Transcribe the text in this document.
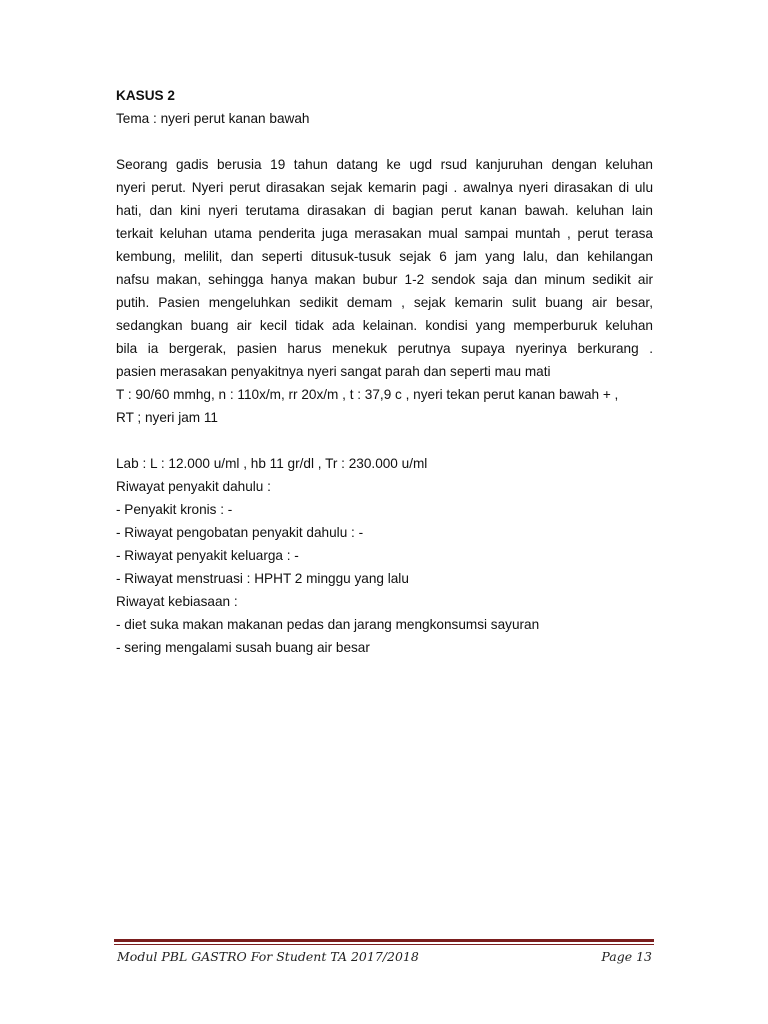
KASUS 2
Tema : nyeri perut kanan bawah
Seorang gadis berusia 19 tahun datang ke ugd rsud kanjuruhan dengan keluhan
nyeri perut. Nyeri perut dirasakan sejak kemarin pagi . awalnya nyeri dirasakan di ulu
hati, dan kini nyeri terutama dirasakan di bagian perut kanan bawah. keluhan lain
terkait keluhan utama penderita juga merasakan mual sampai muntah , perut terasa
kembung, melilit, dan seperti ditusuk-tusuk sejak 6 jam yang lalu, dan kehilangan
nafsu makan, sehingga hanya makan bubur 1-2 sendok saja dan minum sedikit air
putih. Pasien mengeluhkan sedikit demam , sejak kemarin sulit buang air besar,
sedangkan buang air kecil tidak ada kelainan. kondisi yang memperburuk keluhan
bila ia bergerak, pasien harus menekuk perutnya supaya nyerinya berkurang .
pasien merasakan penyakitnya nyeri sangat parah dan seperti mau mati
T : 90/60 mmhg, n : 110x/m, rr 20x/m , t : 37,9 c , nyeri tekan perut kanan bawah + ,
RT ; nyeri jam 11
Lab : L : 12.000 u/ml , hb 11 gr/dl , Tr : 230.000 u/ml
Riwayat penyakit dahulu :
- Penyakit kronis : -
- Riwayat pengobatan penyakit dahulu : -
- Riwayat penyakit keluarga : -
- Riwayat menstruasi : HPHT 2 minggu yang lalu
Riwayat kebiasaan :
- diet suka makan makanan pedas dan jarang mengkonsumsi sayuran
- sering mengalami susah buang air besar
Modul PBL GASTRO For Student TA 2017/2018	Page 13
